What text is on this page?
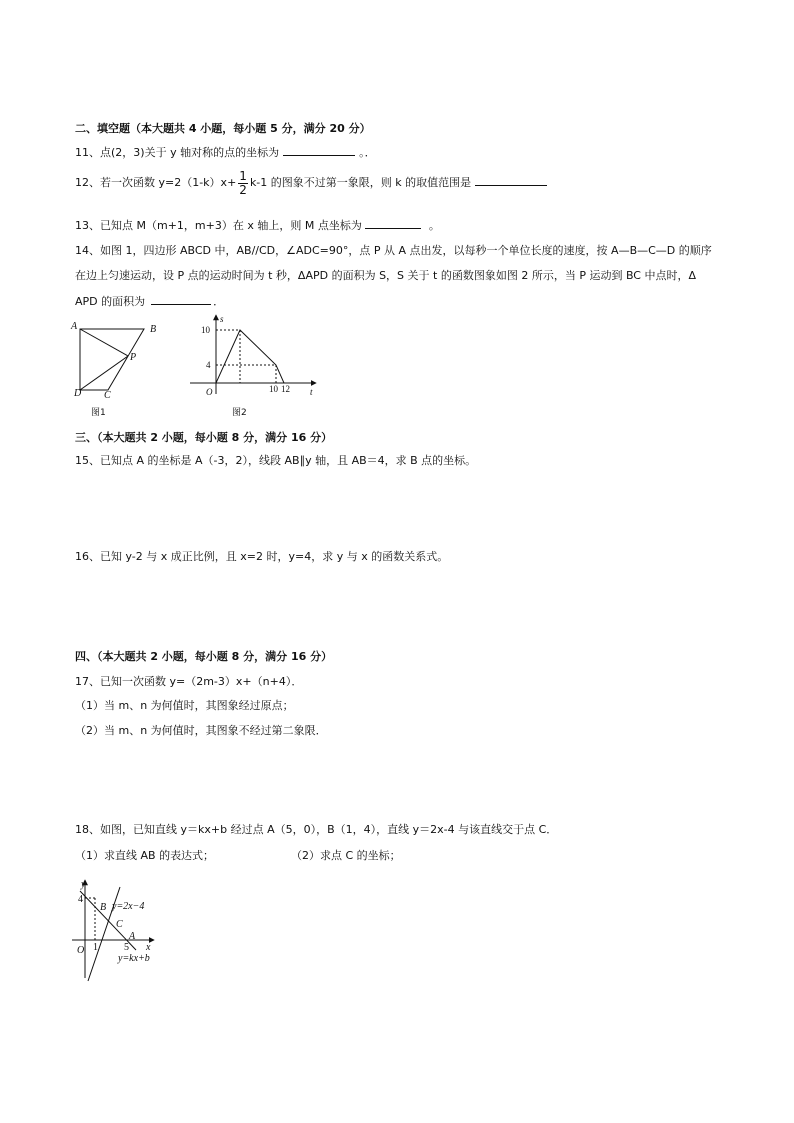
二、填空题（本大题共 4 小题，每小题 5 分，满分 20 分）
11、点(2，3)关于 y 轴对称的点的坐标为	。．
12、若一次函数 $y=2(1-k)x+ \frac{1}{2} k-1$ 的图象不过第一象限，则 k 的取值范围是
13、已知点 M（m+1，m+3）在 x 轴上，则 M 点坐标为	。
14、如图 1，四边形 ABCD 中，AB//CD，∠ADC=90°，点 P 从 A 点出发，以每秒一个单位长度的速度，按 A—B—C—D 的顺序
在边上匀速运动，设 P 点的运动时间为 t 秒，ΔAPD 的面积为 S，S 关于 t 的函数图象如图 2 所示，当 P 运动到 BC 中点时，Δ
APD 的面积为	．
A	B
C
D
P
图1
10
4
10 12
O	t
s
图2
三、（本大题共 2 小题，每小题 8 分，满分 16 分）
15、已知点 A 的坐标是 A（-3，2），线段 AB∥y 轴，且 AB＝4，求 B 点的坐标。
16、已知 y-2 与 x 成正比例，且 x=2 时，y=4，求 y 与 x 的函数关系式。
四、（本大题共 2 小题，每小题 8 分，满分 16 分）
17、已知一次函数 y=（2m-3）x+（n+4）．
（1）当 m、n 为何值时，其图象经过原点；
（2）当 m、n 为何值时，其图象不经过第二象限．
18、如图，已知直线 y＝kx+b 经过点 A（5，0），B（1，4），直线 y＝2x-4 与该直线交于点 C．
（1）求直线 AB 的表达式；	（2）求点 C 的坐标；
4
1	5
O	x
y
B
C
A
y=2x−4
y=kx+b
